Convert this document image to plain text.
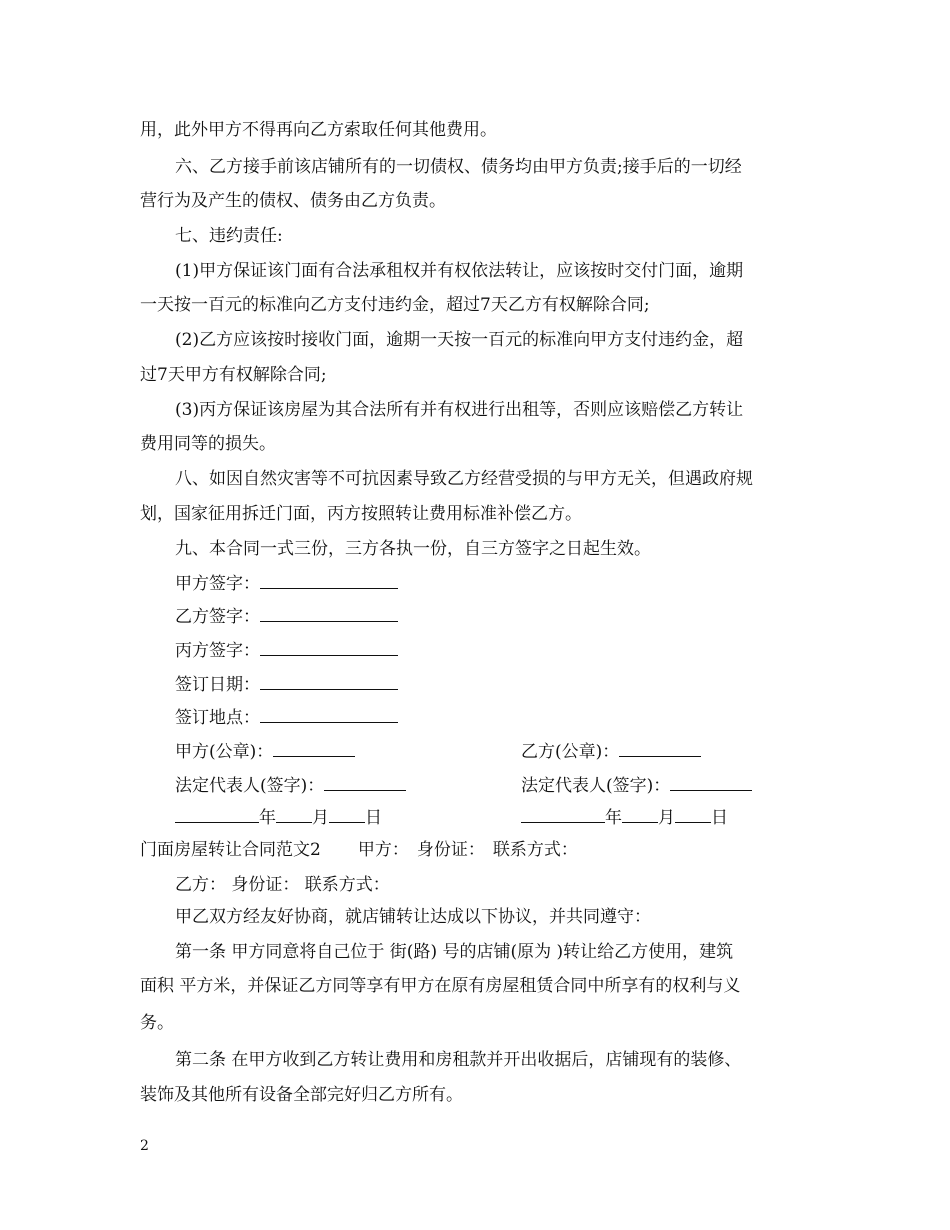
用，此外甲方不得再向乙方索取任何其他费用。
六、乙方接手前该店铺所有的一切债权、债务均由甲方负责;接手后的一切经
营行为及产生的债权、债务由乙方负责。
七、违约责任:
(1)甲方保证该门面有合法承租权并有权依法转让，应该按时交付门面，逾期
一天按一百元的标准向乙方支付违约金，超过7天乙方有权解除合同;
(2)乙方应该按时接收门面，逾期一天按一百元的标准向甲方支付违约金，超
过7天甲方有权解除合同;
(3)丙方保证该房屋为其合法所有并有权进行出租等，否则应该赔偿乙方转让
费用同等的损失。
八、如因自然灾害等不可抗因素导致乙方经营受损的与甲方无关，但遇政府规
划，国家征用拆迁门面，丙方按照转让费用标准补偿乙方。
九、本合同一式三份，三方各执一份，自三方签字之日起生效。
甲方签字：
乙方签字：
丙方签字：
签订日期：
签订地点：
甲方(公章)：	乙方(公章)：
法定代表人(签字)：	法定代表人(签字)：
年 月 日	年 月 日
门面房屋转让合同范文2 甲方： 身份证： 联系方式：
乙方： 身份证： 联系方式：
甲乙双方经友好协商，就店铺转让达成以下协议，并共同遵守：
第一条 甲方同意将自己位于 街(路) 号的店铺(原为 )转让给乙方使用，建筑
面积 平方米，并保证乙方同等享有甲方在原有房屋租赁合同中所享有的权利与义
务。
第二条 在甲方收到乙方转让费用和房租款并开出收据后，店铺现有的装修、
装饰及其他所有设备全部完好归乙方所有。
2
